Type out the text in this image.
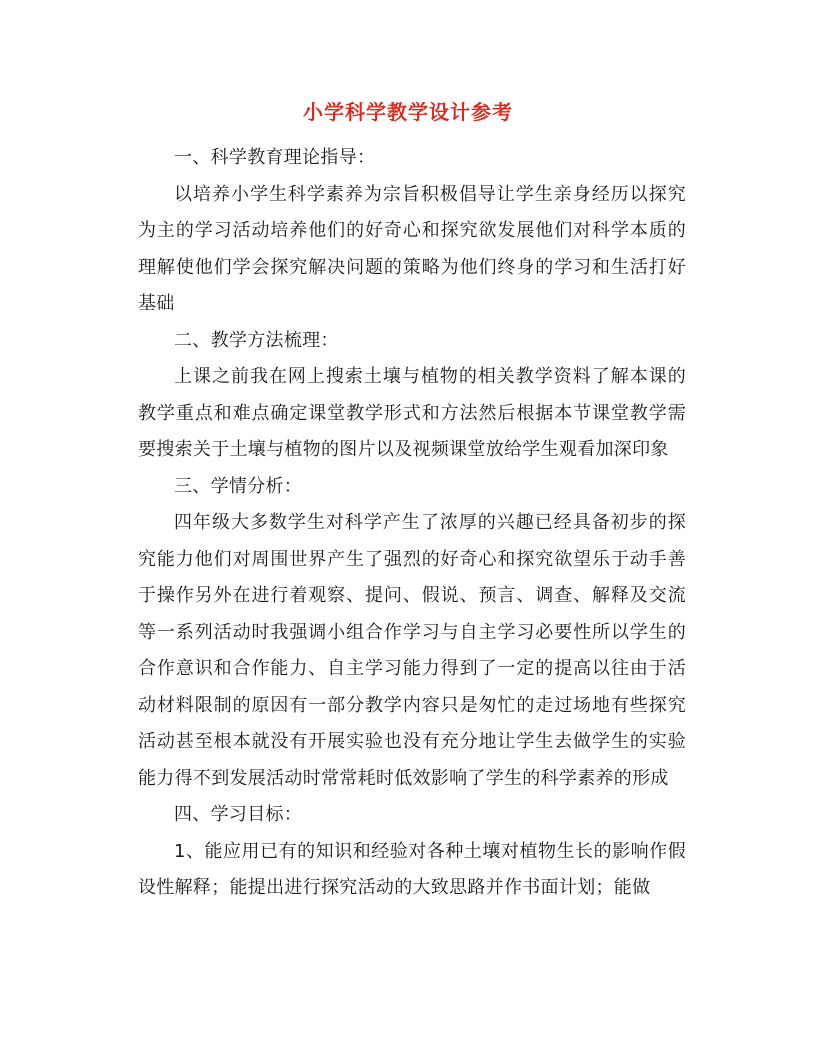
小学科学教学设计参考

一、科学教育理论指导：

以培养小学生科学素养为宗旨积极倡导让学生亲身经历以探究为主的学习活动培养他们的好奇心和探究欲发展他们对科学本质的理解使他们学会探究解决问题的策略为他们终身的学习和生活打好基础

二、教学方法梳理：

上课之前我在网上搜索土壤与植物的相关教学资料了解本课的教学重点和难点确定课堂教学形式和方法然后根据本节课堂教学需要搜索关于土壤与植物的图片以及视频课堂放给学生观看加深印象

三、学情分析：

四年级大多数学生对科学产生了浓厚的兴趣已经具备初步的探究能力他们对周围世界产生了强烈的好奇心和探究欲望乐于动手善于操作另外在进行着观察、提问、假说、预言、调查、解释及交流等一系列活动时我强调小组合作学习与自主学习必要性所以学生的合作意识和合作能力、自主学习能力得到了一定的提高以往由于活动材料限制的原因有一部分教学内容只是匆忙的走过场地有些探究活动甚至根本就没有开展实验也没有充分地让学生去做学生的实验能力得不到发展活动时常常耗时低效影响了学生的科学素养的形成

四、学习目标：

1、能应用已有的知识和经验对各种土壤对植物生长的影响作假设性解释；能提出进行探究活动的大致思路并作书面计划；能做
